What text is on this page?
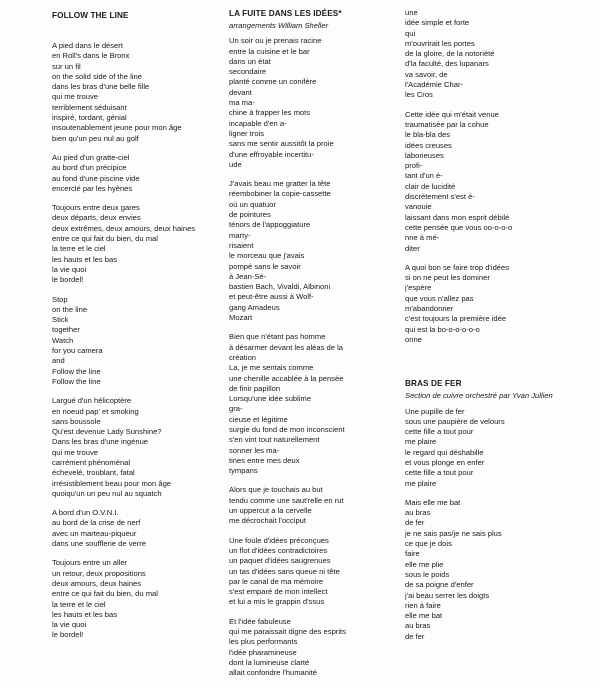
FOLLOW THE LINE
A pied dans le désert
en Roll's dans le Bronx
sur un fil
on the solid side of the line
dans les bras d'une belle fille
qui me trouve
terriblement séduisant
inspiré, tordant, génial
insoutenablement jeune pour mon âge
bien qu'un peu nul au golf
Au pied d'un gratte-ciel
au bord d'un précipice
au fond d'une piscine vide
encerclé par les hyènes
Toujours entre deux gares
deux départs, deux envies
deux extrêmes, deux amours, deux haines
entre ce qui fait du bien, du mal
la terre et le ciel
les hauts et les bas
la vie quoi
le bordel!
Stop
on the line
Stick
together
Watch
for you camera
and
Follow the line
Follow the line
Largué d'un hélicoptère
en noeud pap' et smoking
sans boussole
Qu'est devenue Lady Sunshine?
Dans les bras d'une ingénue
qui me trouve
carrément phénoménal
échevelé, troublant, fatal
irrésistiblement beau pour mon âge
quoiqu'un un peu nul au squatch
A bord d'un O.V.N.I.
au bord de la crise de nerf
avec un marteau-piqueur
dans une soufflerie de verre
Toujours entre un aller
un retour, deux propositions
deux amours, deux haines
entre ce qui fait du bien, du mal
la terre et le ciel
les hauts et les bas
la vie quoi
le bordel!
LA FUITE DANS LES IDÉES*
arrangements William Sheller
Un soir ou je prenais racine
entre la cuisine et le bar
dans un état
secondaire
planté comme un conifère
devant
ma ma-
chine à frapper les mots
incapable d'en a-
ligner trois
sans me sentir aussitôt la proie
d'une effroyable incertitu-
ude
J'avais beau me gratter la tête
réembobiner la copie-cassette
où un quatuor
de pointures
ténors de l'appoggiature
marty-
risaient
le morceau que j'avais
pompé sans le savoir
à Jean-Sé-
bastien Bach, Vivaldi, Albinoni
et peut-être aussi à Wolf-
gang Amadeus
Mozart
Bien que n'étant pas homme
à désarmer devant les aléas de la
création
La, je me sentais comme
une chenille accablée à la pensée
de finir papillon
Lorsqu'une idée sublime
gra-
cieuse et légitime
surgie du fond de mon inconscient
s'en vint tout naturellement
sonner les ma-
tines entre mes deux
tympans
Alors que je touchais au but
tendu comme une saut'relle en rut
un uppercut a la cervelle
me décrochait l'occiput
Une foule d'idées préconçues
un flot d'idées contradictoires
un paquet d'idées saugrenues
un tas d'idées sans queue ni tête
par le canal de ma mémoire
s'est emparé de mon intellect
et lui a mis le grappin d'ssus
Et l'idée fabuleuse
qui me paraissait digne des esprits
les plus performants
l'idée pharamineuse
dont la lumineuse clarté
allait confondre l'humanité
une
idée simple et forte
qui
m'ouvrirait les portes
de la gloire, de la notoriété
d'la faculté, des lupanars
va savoir, de
l'Académie Char-
les Cros
Cette idée qui m'était venue
traumatisée par la cohue
le bla-bla des
idées creuses
laborieuses
profi-
tant d'un é-
clair de lucidité
discrètement s'est é-
vanouie
laissant dans mon esprit débilé
cette pensée que vous oo-o-o-o
nne à mé-
diter
A quoi bon se faire trop d'idées
si on ne peut les dominer
j'espère
que vous n'allez pas
m'abandonner
c'est toujours la première idée
qui est la bo-o-o-o-o-o
onne
BRAS DE FER
Section de cuivre orchestré par Yvan Jullien
Une pupille de fer
sous une paupière de velours
cette fille a tout pour
me plaire
le regard qui déshabille
et vous plonge en enfer
cette fille a tout pour
me plaire
Mais elle me bat
au bras
de fer
je ne sais pas/je ne sais plus
ce que je dois
faire
elle me plie
sous le poids
de sa poigne d'enfer
j'ai beau serrer les doigts
rien à faire
elle me bat
au bras
de fer
